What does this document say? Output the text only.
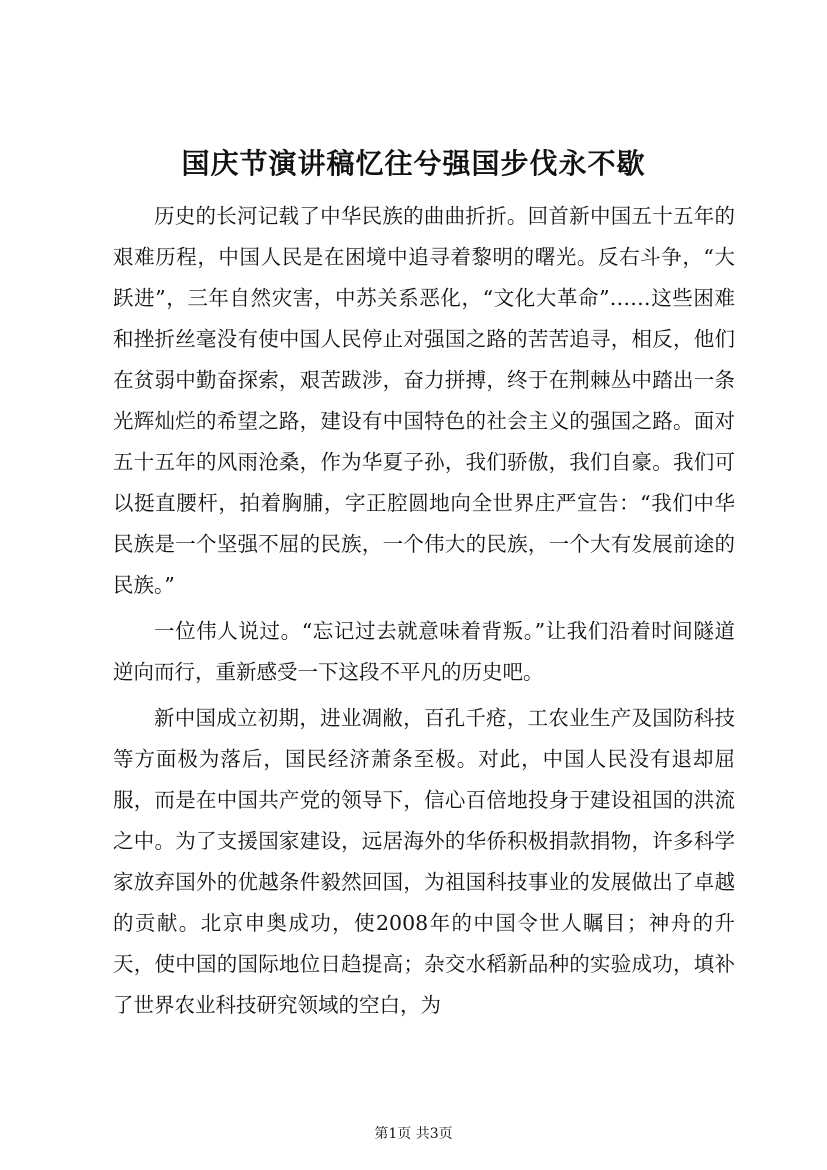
国庆节演讲稿忆往兮强国步伐永不歇

历史的长河记载了中华民族的曲曲折折。回首新中国五十五年的艰难历程，中国人民是在困境中追寻着黎明的曙光。反右斗争，“大跃进”，三年自然灾害，中苏关系恶化，“文化大革命”……这些困难和挫折丝毫没有使中国人民停止对强国之路的苦苦追寻，相反，他们在贫弱中勤奋探索，艰苦跋涉，奋力拼搏，终于在荆棘丛中踏出一条光辉灿烂的希望之路，建设有中国特色的社会主义的强国之路。面对五十五年的风雨沧桑，作为华夏子孙，我们骄傲，我们自豪。我们可以挺直腰杆，拍着胸脯，字正腔圆地向全世界庄严宣告：“我们中华民族是一个坚强不屈的民族，一个伟大的民族，一个大有发展前途的民族。”

一位伟人说过。“忘记过去就意味着背叛。”让我们沿着时间隧道逆向而行，重新感受一下这段不平凡的历史吧。

新中国成立初期，进业凋敝，百孔千疮，工农业生产及国防科技等方面极为落后，国民经济萧条至极。对此，中国人民没有退却屈服，而是在中国共产党的领导下，信心百倍地投身于建设祖国的洪流之中。为了支援国家建设，远居海外的华侨积极捐款捐物，许多科学家放弃国外的优越条件毅然回国，为祖国科技事业的发展做出了卓越的贡献。北京申奥成功，使2008年的中国令世人瞩目；神舟的升天，使中国的国际地位日趋提高；杂交水稻新品种的实验成功，填补了世界农业科技研究领域的空白，为

第1页 共3页
